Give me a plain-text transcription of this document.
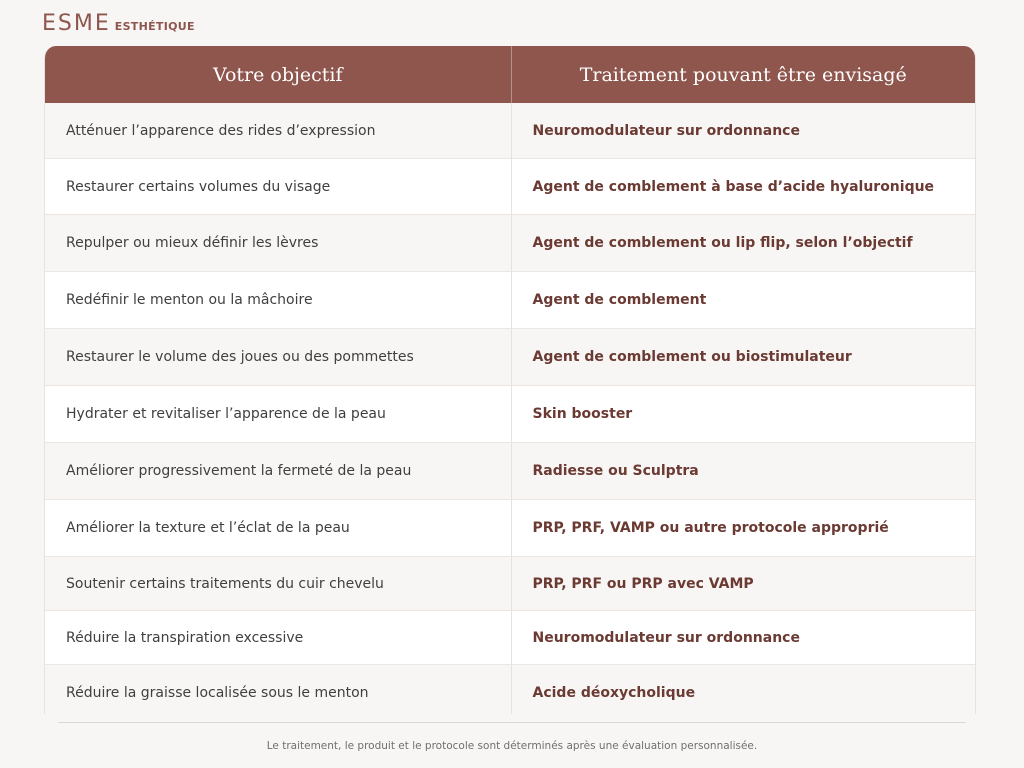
ESME ESTHÉTIQUE
Votre objectif	Traitement pouvant être envisagé
Atténuer l’apparence des rides d’expression	Neuromodulateur sur ordonnance
Restaurer certains volumes du visage	Agent de comblement à base d’acide hyaluronique
Repulper ou mieux définir les lèvres	Agent de comblement ou lip flip, selon l’objectif
Redéfinir le menton ou la mâchoire	Agent de comblement
Restaurer le volume des joues ou des pommettes	Agent de comblement ou biostimulateur
Hydrater et revitaliser l’apparence de la peau	Skin booster
Améliorer progressivement la fermeté de la peau	Radiesse ou Sculptra
Améliorer la texture et l’éclat de la peau	PRP, PRF, VAMP ou autre protocole approprié
Soutenir certains traitements du cuir chevelu	PRP, PRF ou PRP avec VAMP
Réduire la transpiration excessive	Neuromodulateur sur ordonnance
Réduire la graisse localisée sous le menton	Acide déoxycholique
Le traitement, le produit et le protocole sont déterminés après une évaluation personnalisée.
